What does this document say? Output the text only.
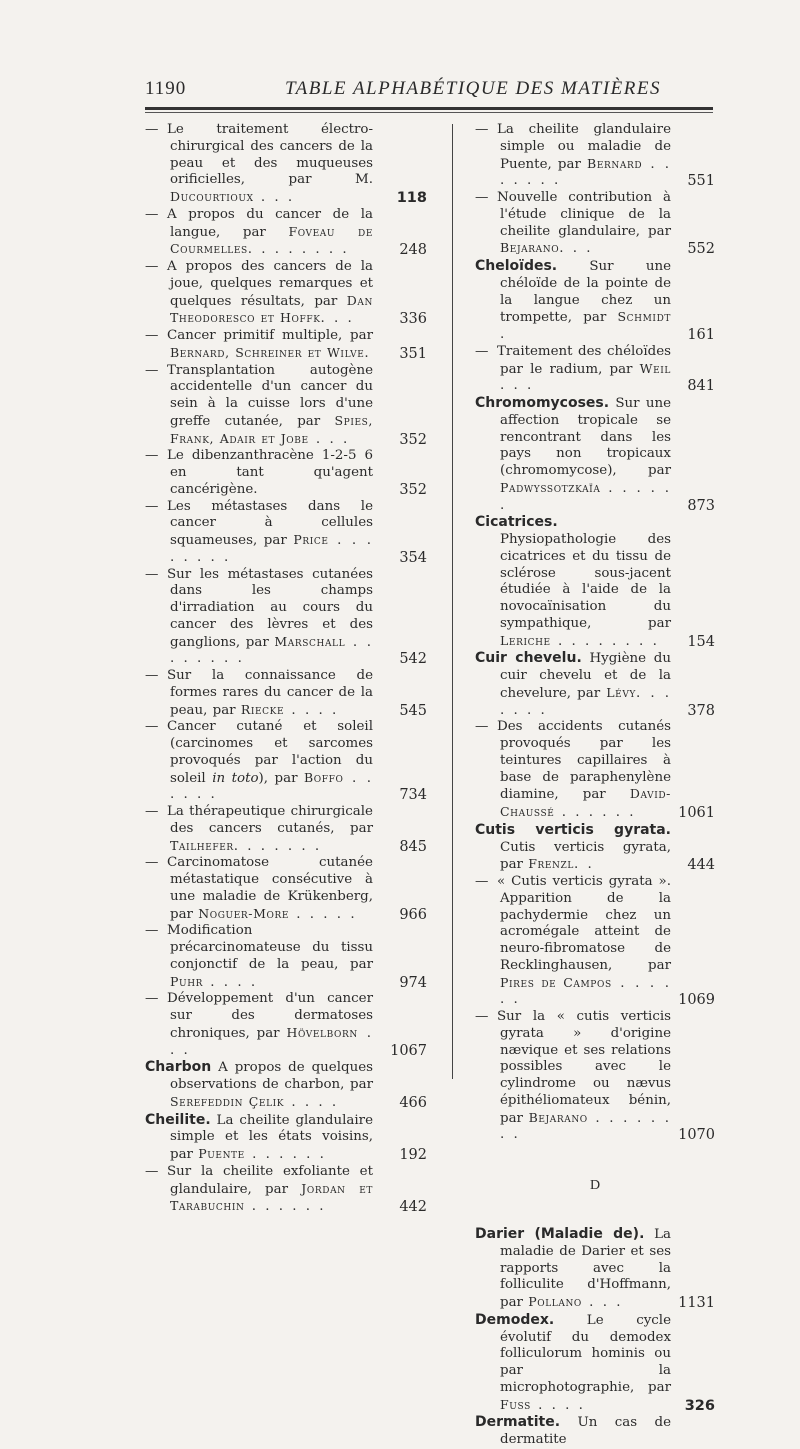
1190	TABLE ALPHABÉTIQUE DES MATIÈRES
— Le traitement électro-chirurgical des cancers de la peau et des muqueuses orificielles, par M. Ducourtioux . . .	118
— A propos du cancer de la langue, par Foveau de Courmelles. . . . . . . .	248
— A propos des cancers de la joue, quelques remarques et quelques résultats, par Dan Theodoresco et Hoffk. . .	336
— Cancer primitif multiple, par Bernard, Schreiner et Wilve.	351
— Transplantation autogène accidentelle d'un cancer du sein à la cuisse lors d'une greffe cutanée, par Spies, Frank, Adair et Jobe . . .	352
— Le dibenzanthracène 1-2-5 6 en tant qu'agent cancérigène.	352
— Les métastases dans le cancer à cellules squameuses, par Price . . . . . . . .	354
— Sur les métastases cutanées dans les champs d'irradiation au cours du cancer des lèvres et des ganglions, par Marschall . . . . . . . .	542
— Sur la connaissance de formes rares du cancer de la peau, par Riecke . . . .	545
— Cancer cutané et soleil (carcinomes et sarcomes provoqués par l'action du soleil in toto), par Boffo . . . . . .	734
— La thérapeutique chirurgicale des cancers cutanés, par Tailhefer. . . . . . .	845
— Carcinomatose cutanée métastatique consécutive à une maladie de Krükenberg, par Noguer-More . . . . .	966
— Modification précarcinomateuse du tissu conjonctif de la peau, par Puhr . . . .	974
— Développement d'un cancer sur des dermatoses chroniques, par Hövelborn . . .	1067
Charbon A propos de quelques observations de charbon, par Serefeddin Çelik . . . .	466
Cheilite. La cheilite glandulaire simple et les états voisins, par Puente . . . . . .	192
— Sur la cheilite exfoliante et glandulaire, par Jordan et Tarabuchin . . . . . .	442
— La cheilite glandulaire simple ou maladie de Puente, par Bernard . . . . . . .	551
— Nouvelle contribution à l'étude clinique de la cheilite glandulaire, par Bejarano. . .	552
Cheloïdes. Sur une chéloïde de la pointe de la langue chez un trompette, par Schmidt .	161
— Traitement des chéloïdes par le radium, par Weil . . .	841
Chromomycoses. Sur une affection tropicale se rencontrant dans les pays non tropicaux (chromomycose), par Padwyssotzkaïa . . . . . .	873
Cicatrices. Physiopathologie des cicatrices et du tissu de sclérose sous-jacent étudiée à l'aide de la novocaïnisation du sympathique, par Leriche . . . . . . . .	154
Cuir chevelu. Hygiène du cuir chevelu et de la chevelure, par Lévy. . . . . . .	378
— Des accidents cutanés provoqués par les teintures capillaires à base de paraphenylène diamine, par David-Chaussé . . . . . .	1061
Cutis verticis gyrata. Cutis verticis gyrata, par Frenzl. .	444
— « Cutis verticis gyrata ». Apparition de la pachydermie chez un acromégale atteint de neuro-fibromatose de Recklinghausen, par Pires de Campos . . . . . .	1069
— Sur la « cutis verticis gyrata » d'origine nævique et ses relations possibles avec le cylindrome ou nævus épithéliomateux bénin, par Bejarano . . . . . . . .	1070
D
Darier (Maladie de). La maladie de Darier et ses rapports avec la folliculite d'Hoffmann, par Pollano . . .	1131
Demodex. Le cycle évolutif du demodex folliculorum hominis ou par la microphotographie, par Fuss . . . .	326
Dermatite. Un cas de dermatite
